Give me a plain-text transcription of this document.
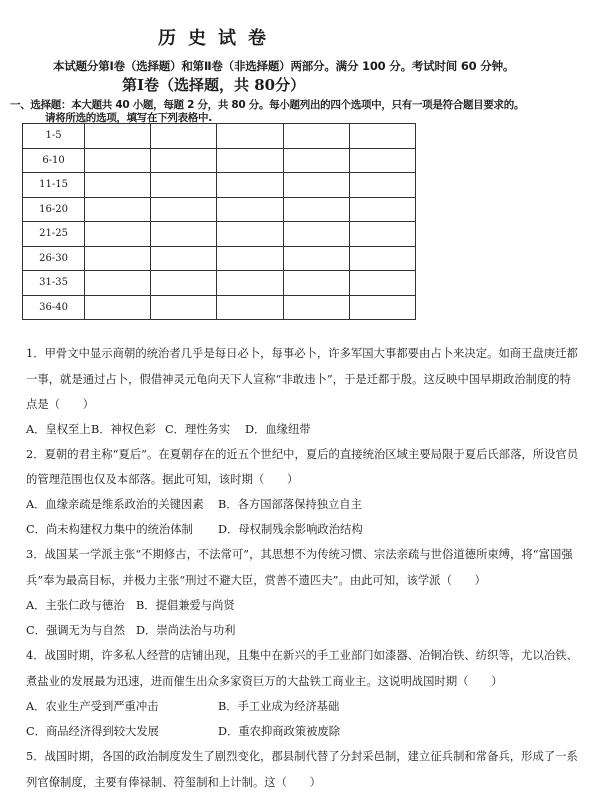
历史试卷
本试题分第Ⅰ卷（选择题）和第Ⅱ卷（非选择题）两部分。满分 100 分。考试时间 60 分钟。
第Ⅰ卷（选择题，共 80分）
一、选择题：本大题共 40 小题，每题 2 分，共 80 分。每小题列出的四个选项中，只有一项是符合题目要求的。
请将所选的选项，填写在下列表格中.
1-5					
6-10					
11-15					
16-20					
21-25					
26-30					
31-35					
36-40					
1．甲骨文中显示商朝的统治者几乎是每日必卜，每事必卜，许多军国大事都要由占卜来决定。如商王盘庚迁都
一事，就是通过占卜，假借神灵元龟向天下人宣称“非敢违卜”，于是迁都于殷。这反映中国早期政治制度的特
点是（　　）
A．皇权至上 B．神权色彩 C．理性务实 D．血缘纽带
2．夏朝的君主称“夏后”。在夏朝存在的近五个世纪中，夏后的直接统治区域主要局限于夏后氏部落，所设官员
的管理范围也仅及本部落。据此可知，该时期（　　）
A．血缘亲疏是维系政治的关键因素 B．各方国部落保持独立自主
C．尚未构建权力集中的统治体制 D．母权制残余影响政治结构
3．战国某一学派主张“不期修古，不法常可”，其思想不为传统习惯、宗法亲疏与世俗道德所束缚，将“富国强
兵”奉为最高目标，并极力主张“刑过不避大臣，赏善不遗匹夫”。由此可知，该学派（　　）
A．主张仁政与德治 B．提倡兼爱与尚贤
C．强调无为与自然 D．崇尚法治与功利
4．战国时期，许多私人经营的店铺出现，且集中在新兴的手工业部门如漆器、冶铜冶铁、纺织等，尤以冶铁、
煮盐业的发展最为迅速，进而催生出众多家资巨万的大盐铁工商业主。这说明战国时期（　　）
A．农业生产受到严重冲击	B．手工业成为经济基础
C．商品经济得到较大发展	D．重农抑商政策被废除
5．战国时期，各国的政治制度发生了剧烈变化，郡县制代替了分封采邑制，建立征兵制和常备兵，形成了一系
列官僚制度，主要有俸禄制、符玺制和上计制。这（　　）
